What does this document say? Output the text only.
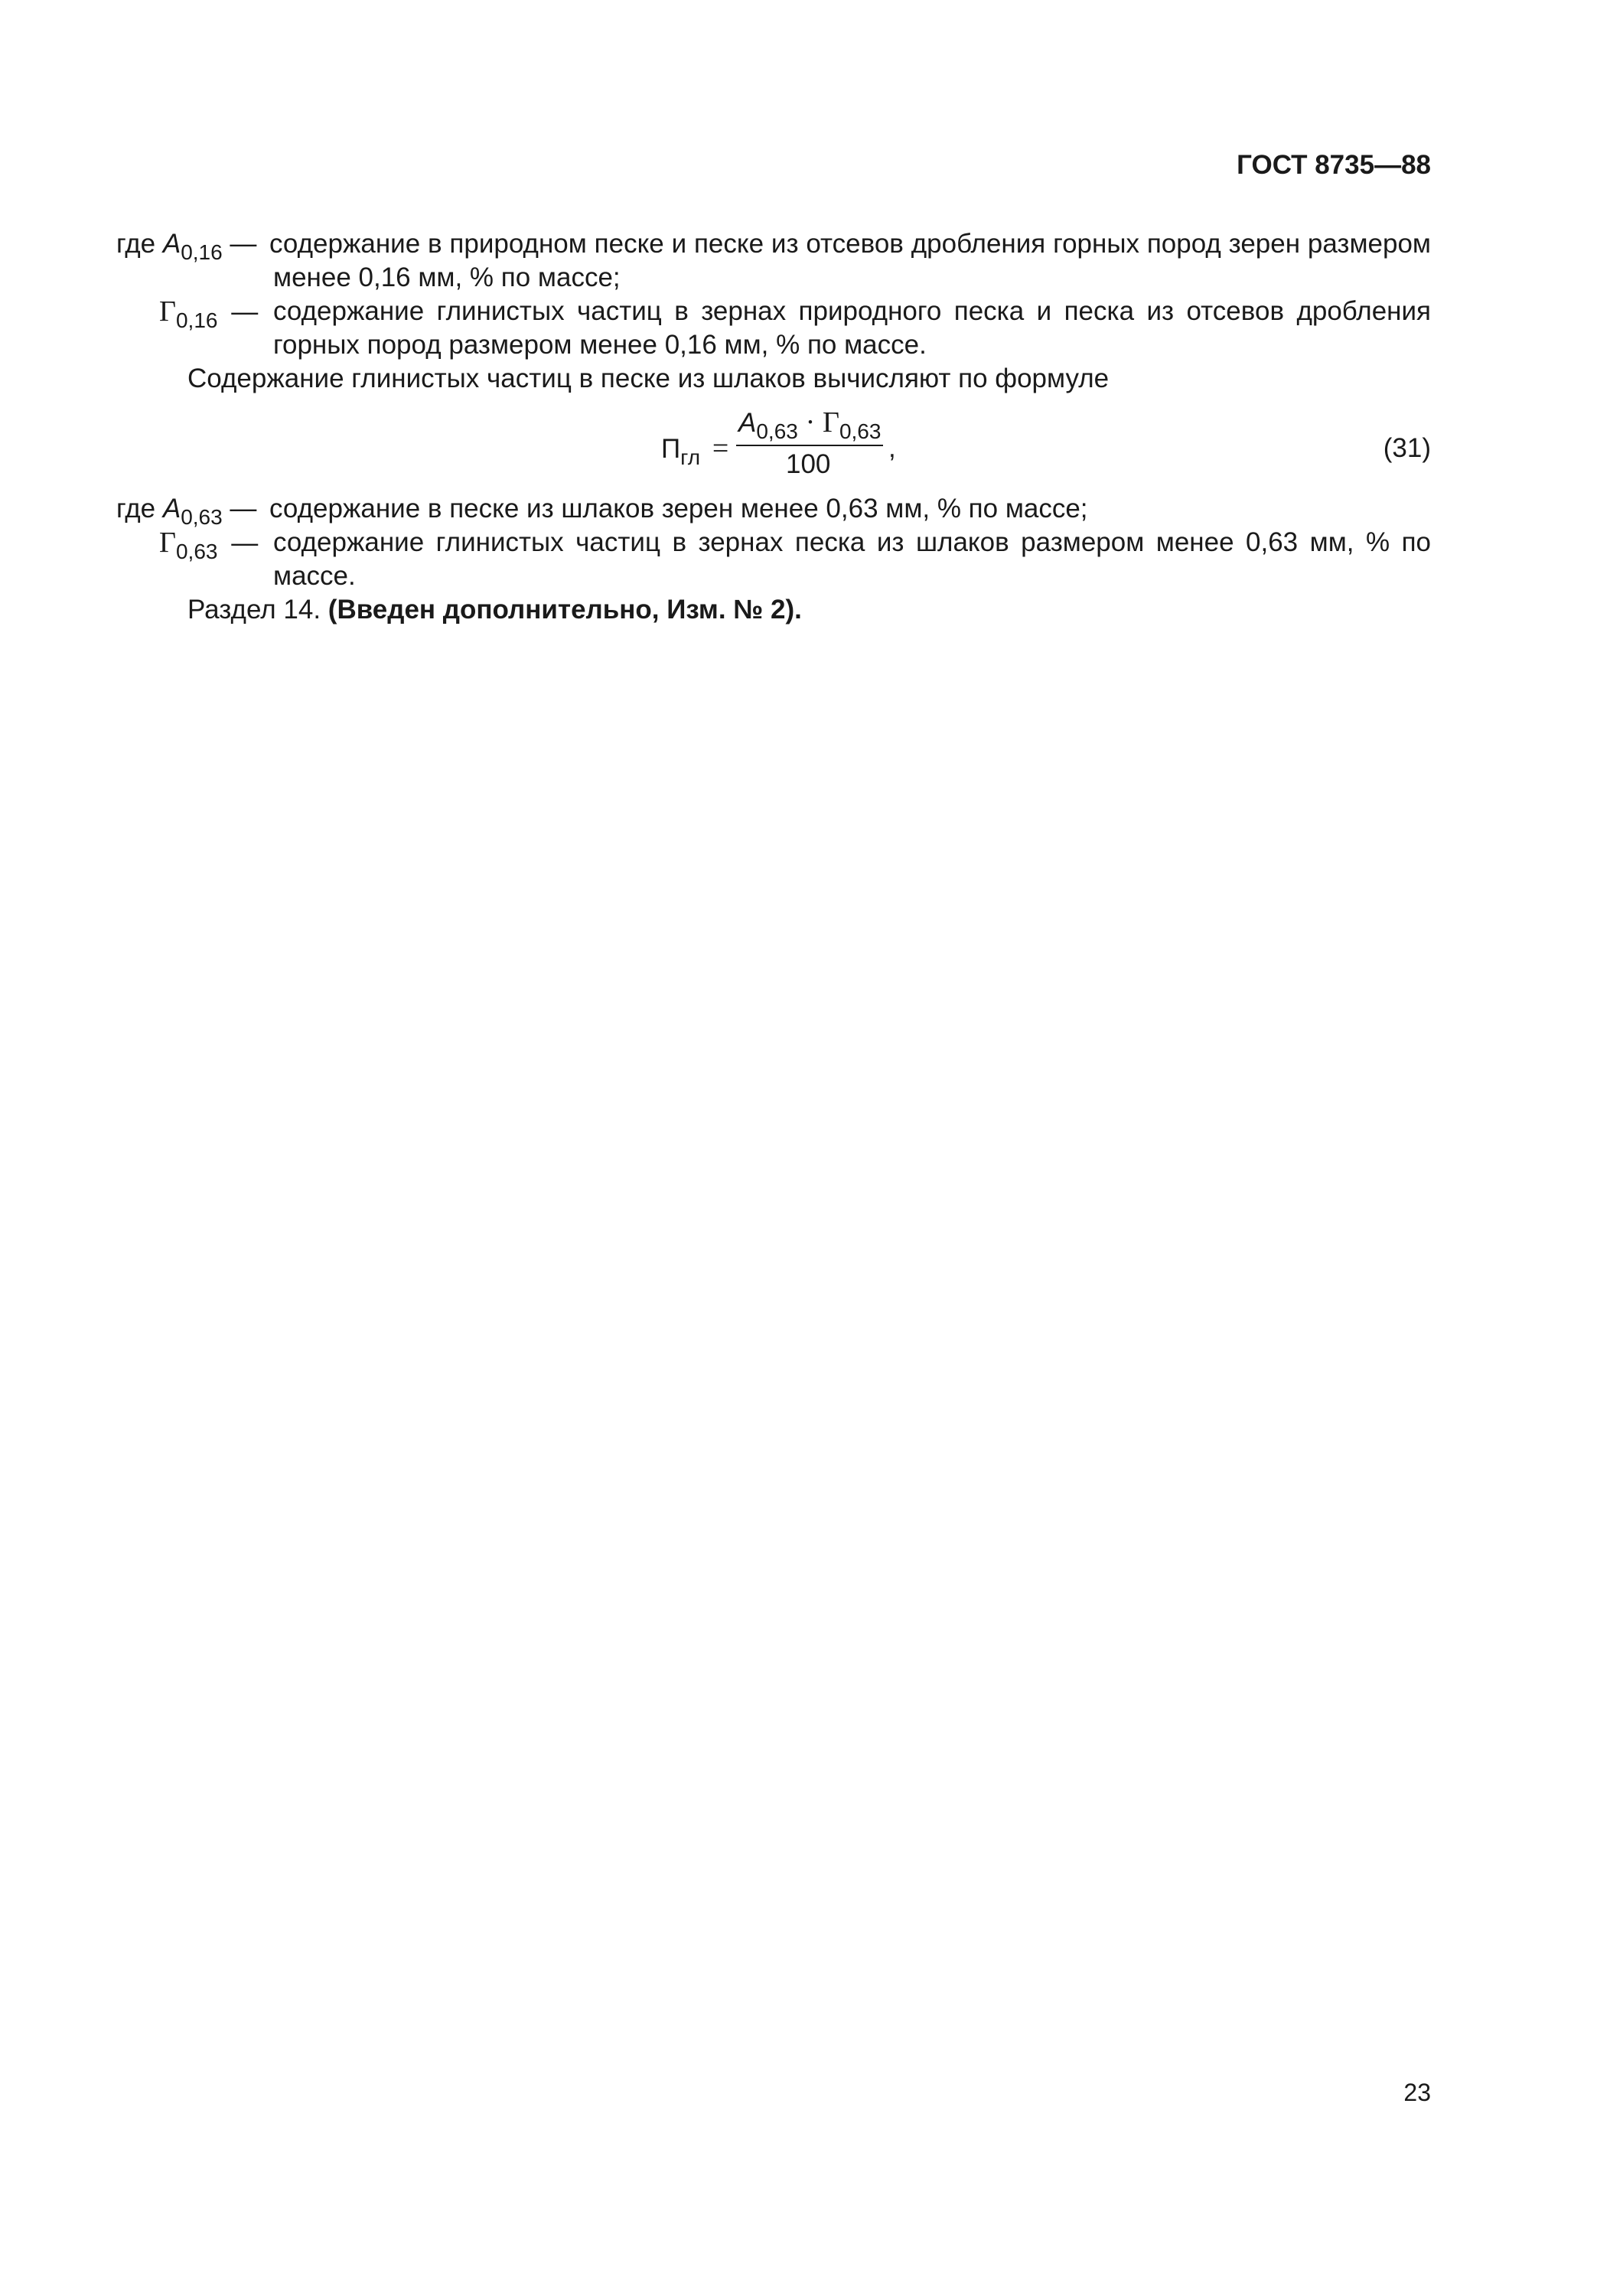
ГОСТ 8735—88
где $A_{0,16}$ — содержание в природном песке и песке из отсевов дробления горных пород зерен размером
менее 0,16 мм, % по массе;
$\Gamma_{0,16}$ — содержание глинистых частиц в зернах природного песка и песка из отсевов дробления
горных пород размером менее 0,16 мм, % по массе.
Содержание глинистых частиц в песке из шлаков вычисляют по формуле
$П_{гл}$ =
$A_{0,63} \cdot \Gamma_{0,63}$
100
,	(31)
где $A_{0,63}$ — содержание в песке из шлаков зерен менее 0,63 мм, % по массе;
$\Gamma_{0,63}$ — содержание глинистых частиц в зернах песка из шлаков размером менее 0,63 мм, % по
массе.
Раздел 14. (Введен дополнительно, Изм. № 2).
23
